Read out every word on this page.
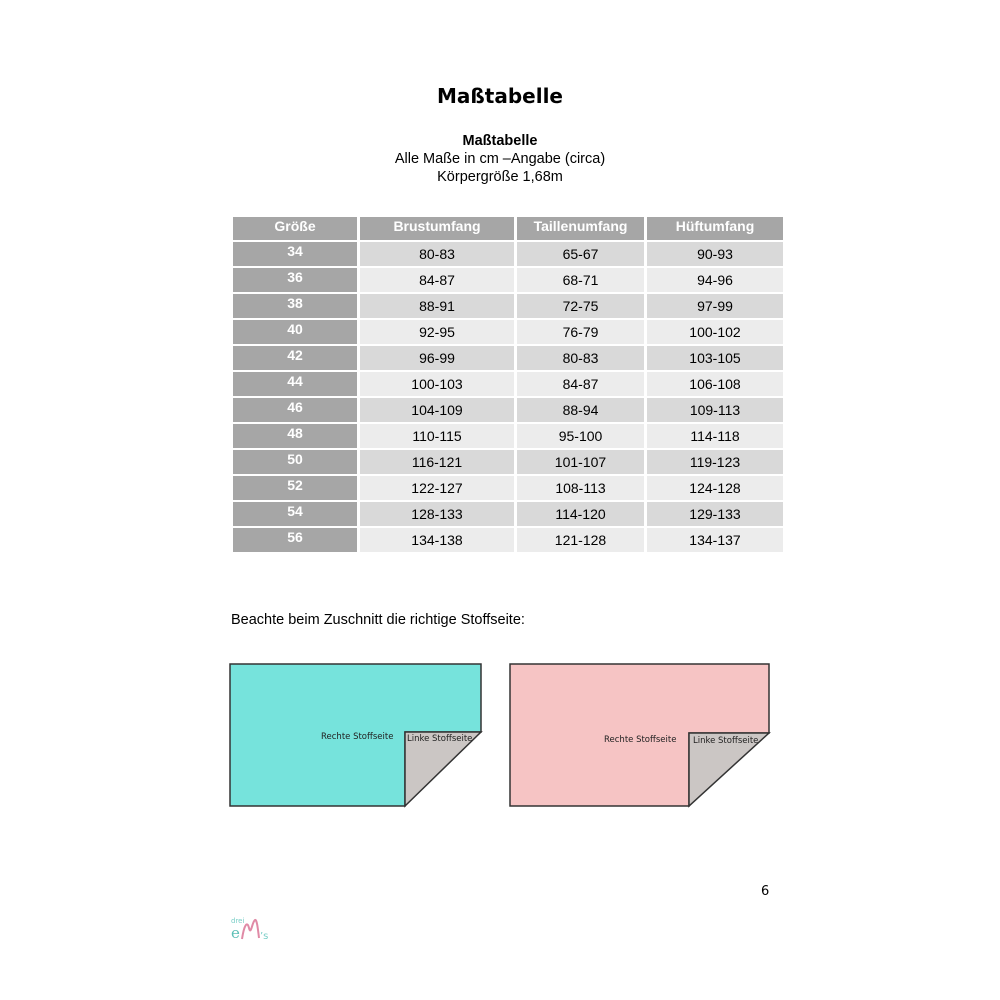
Maßtabelle
Maßtabelle
Alle Maße in cm –Angabe (circa)
Körpergröße 1,68m
Größe	Brustumfang	Taillenumfang	Hüftumfang
34	80-83	65-67	90-93
36	84-87	68-71	94-96
38	88-91	72-75	97-99
40	92-95	76-79	100-102
42	96-99	80-83	103-105
44	100-103	84-87	106-108
46	104-109	88-94	109-113
48	110-115	95-100	114-118
50	116-121	101-107	119-123
52	122-127	108-113	124-128
54	128-133	114-120	129-133
56	134-138	121-128	134-137
Beachte beim Zuschnitt die richtige Stoffseite:
Rechte Stoffseite Linke Stoffseite	Rechte Stoffseite Linke Stoffseite
6
drei
e ’s
